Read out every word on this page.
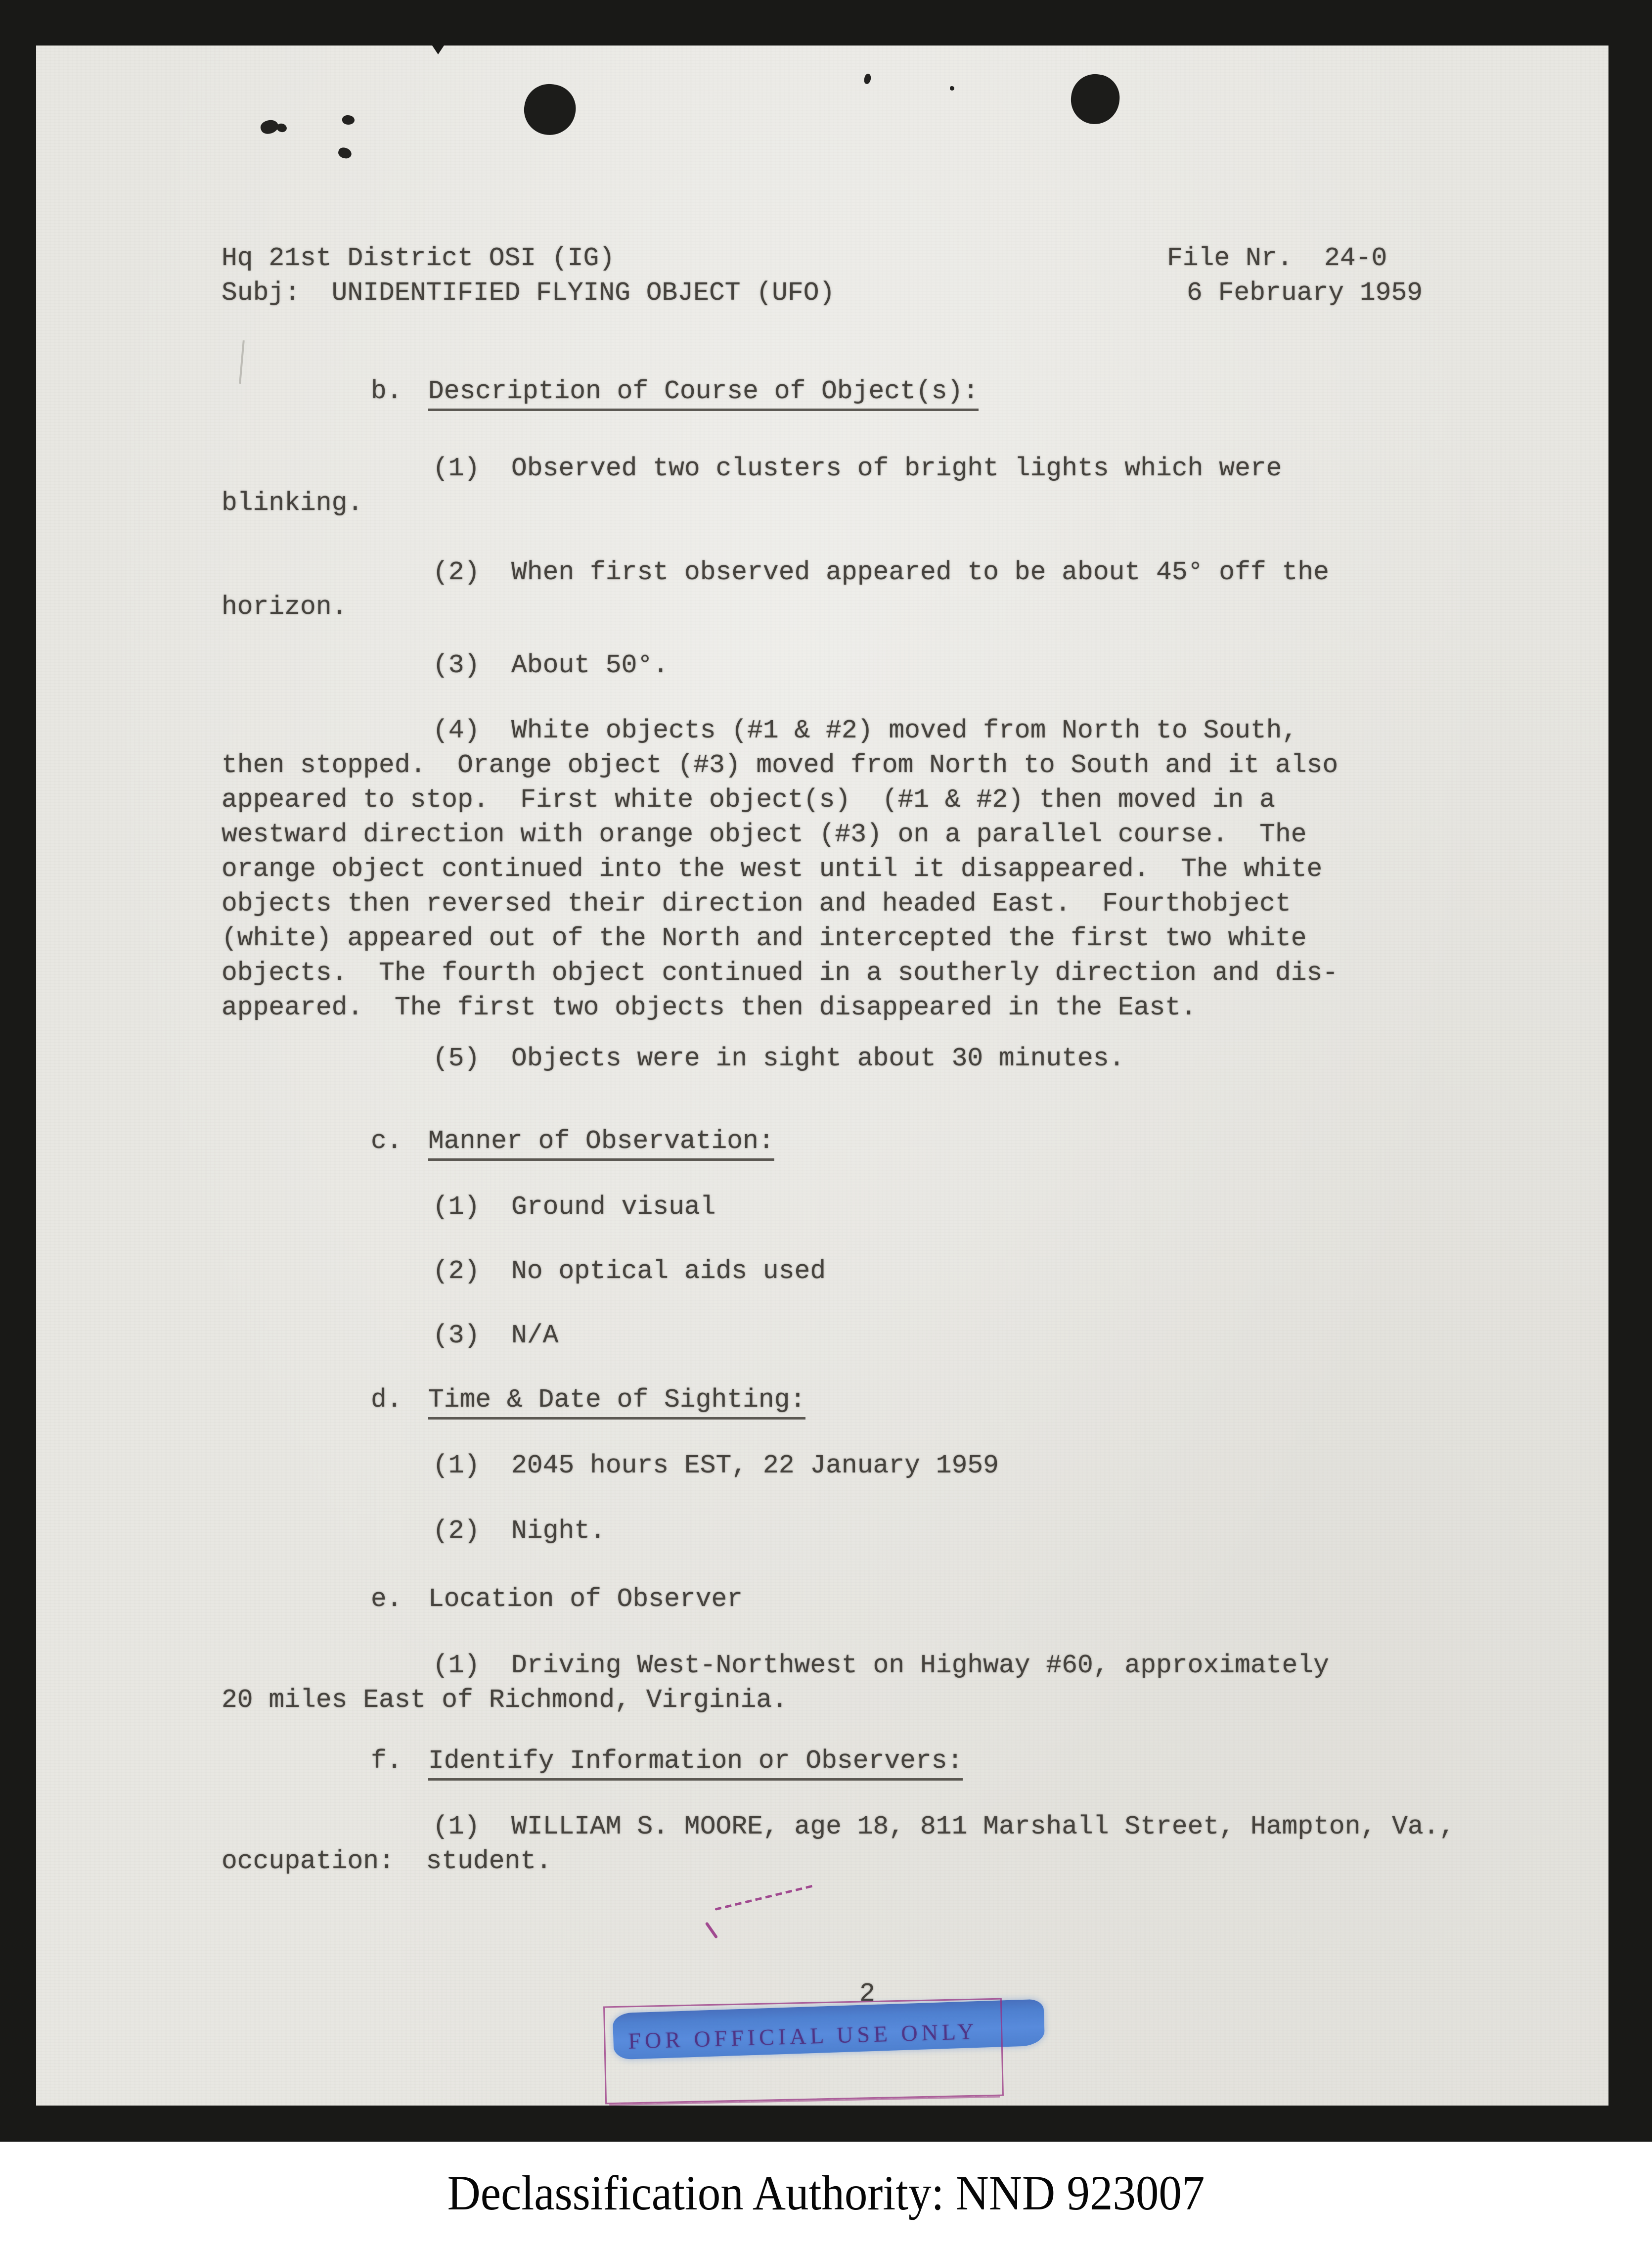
Hq 21st District OSI (IG)
Subj:  UNIDENTIFIED FLYING OBJECT (UFO)
File Nr.  24-0
6 February 1959
b. Description of Course of Object(s):
(1)  Observed two clusters of bright lights which were
blinking.
(2)  When first observed appeared to be about 45° off the
horizon.
(3)  About 50°.
(4)  White objects (#1 & #2) moved from North to South,
then stopped.  Orange object (#3) moved from North to South and it also
appeared to stop.  First white object(s)  (#1 & #2) then moved in a
westward direction with orange object (#3) on a parallel course.  The
orange object continued into the west until it disappeared.  The white
objects then reversed their direction and headed East.  Fourthobject
(white) appeared out of the North and intercepted the first two white
objects.  The fourth object continued in a southerly direction and dis-
appeared.  The first two objects then disappeared in the East.
(5)  Objects were in sight about 30 minutes.
c. Manner of Observation:
(1)  Ground visual
(2)  No optical aids used
(3)  N/A
d. Time & Date of Sighting:
(1)  2045 hours EST, 22 January 1959
(2)  Night.
e. Location of Observer
(1)  Driving West-Northwest on Highway #60, approximately
20 miles East of Richmond, Virginia.
f. Identify Information or Observers:
(1)  WILLIAM S. MOORE, age 18, 811 Marshall Street, Hampton, Va.,
occupation:  student.
2
FOR OFFICIAL USE ONLY
Declassification Authority: NND 923007
